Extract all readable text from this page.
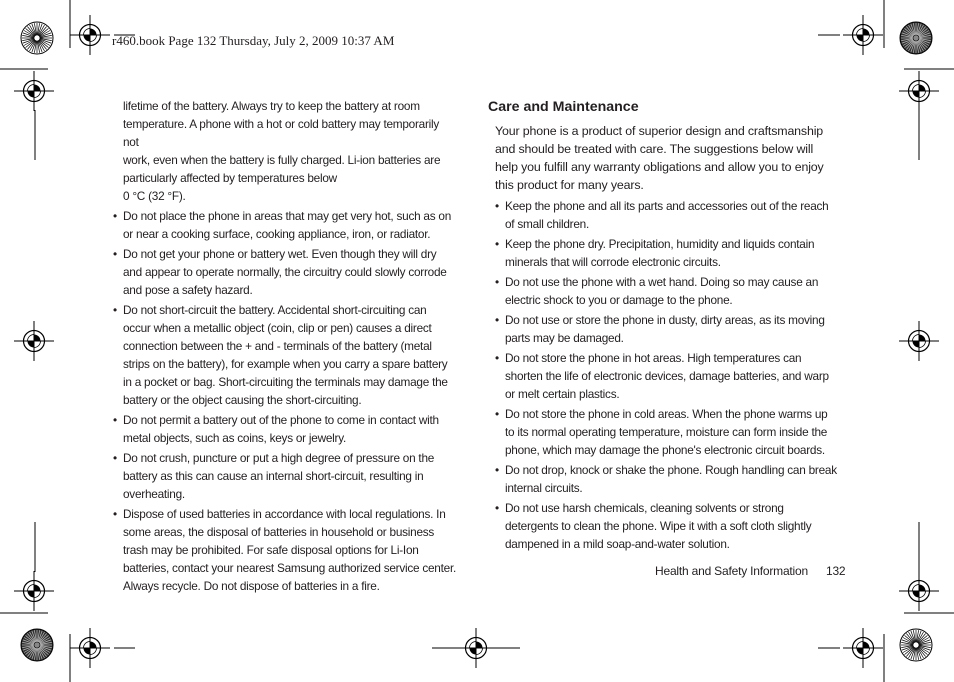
r460.book Page 132 Thursday, July 2, 2009 10:37 AM

lifetime of the battery. Always try to keep the battery at room

temperature. A phone with a hot or cold battery may temporarily not

work, even when the battery is fully charged. Li-ion batteries are

particularly affected by temperatures below

0 °C (32 °F).

• Do not place the phone in areas that may get very hot, such as on or near a cooking surface, cooking appliance, iron, or radiator.
• Do not get your phone or battery wet. Even though they will dry and appear to operate normally, the circuitry could slowly corrode and pose a safety hazard.
• Do not short-circuit the battery. Accidental short-circuiting can occur when a metallic object (coin, clip or pen) causes a direct connection between the + and - terminals of the battery (metal strips on the battery), for example when you carry a spare battery in a pocket or bag. Short-circuiting the terminals may damage the battery or the object causing the short-circuiting.
• Do not permit a battery out of the phone to come in contact with metal objects, such as coins, keys or jewelry.
• Do not crush, puncture or put a high degree of pressure on the battery as this can cause an internal short-circuit, resulting in overheating.
• Dispose of used batteries in accordance with local regulations. In some areas, the disposal of batteries in household or business trash may be prohibited. For safe disposal options for Li-Ion batteries, contact your nearest Samsung authorized service center. Always recycle. Do not dispose of batteries in a fire.
Care and Maintenance

Your phone is a product of superior design and craftsmanship and should be treated with care. The suggestions below will help you fulfill any warranty obligations and allow you to enjoy this product for many years.

• Keep the phone and all its parts and accessories out of the reach of small children.
• Keep the phone dry. Precipitation, humidity and liquids contain minerals that will corrode electronic circuits.
• Do not use the phone with a wet hand. Doing so may cause an electric shock to you or damage to the phone.
• Do not use or store the phone in dusty, dirty areas, as its moving parts may be damaged.
• Do not store the phone in hot areas. High temperatures can shorten the life of electronic devices, damage batteries, and warp or melt certain plastics.
• Do not store the phone in cold areas. When the phone warms up to its normal operating temperature, moisture can form inside the phone, which may damage the phone's electronic circuit boards.
• Do not drop, knock or shake the phone. Rough handling can break internal circuits.
• Do not use harsh chemicals, cleaning solvents or strong detergents to clean the phone. Wipe it with a soft cloth slightly dampened in a mild soap-and-water solution.
Health and Safety Information 132
